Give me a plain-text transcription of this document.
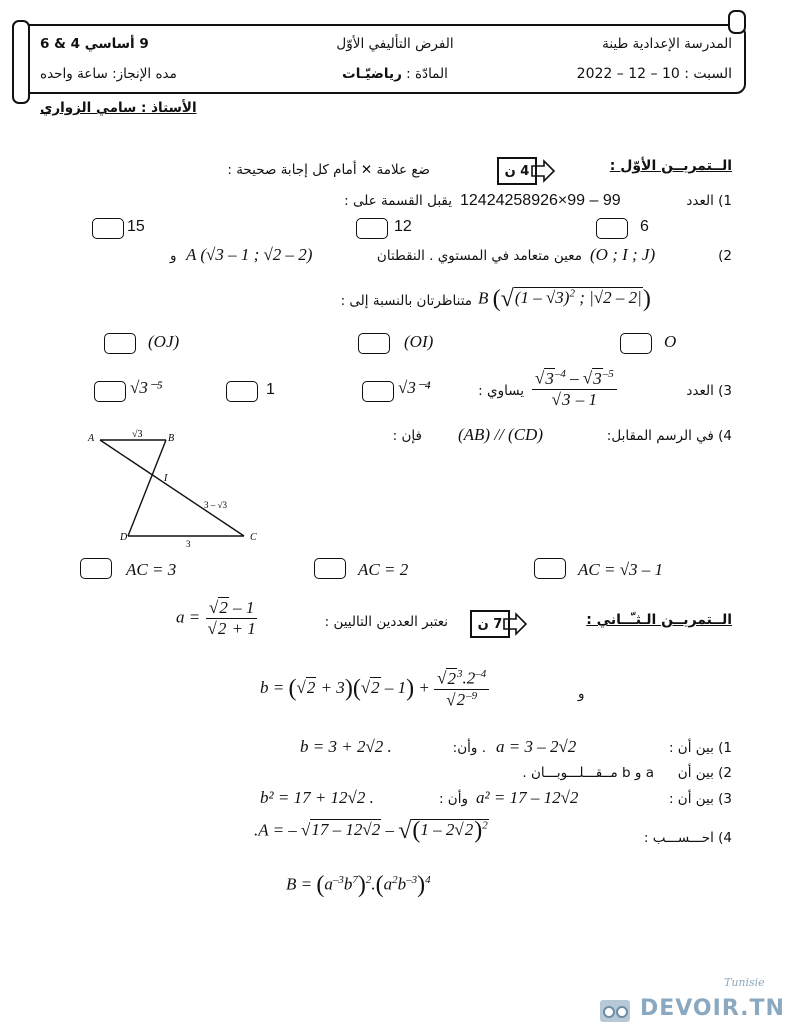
المدرسة الإعدادية طينة
الفرض التأليفي الأوّل
9 أساسي 4 & 6
السبت : 10 – 12 – 2022
المادّة : رياضيّـات
مده الإنجاز: ساعة واحده
الأستاذ : سامي الزواري
الــتمريــن الأوّل :
4 ن
ضع علامة ✕ أمام كل إجابة صحيحة :
1) العدد
12424258926×99 – 99
يقبل القسمة على :
6
12
15
2)
(O ; I ; J)
معين متعامد في المستوي . النقطتان
A (√3 – 1 ; √2 – 2)
و
B (√(1 – √3)$^2$ ; |√2 – 2|)
متناظرتان بالنسبة إلى :
O
(OI)
(OJ)
3) العدد
$\frac{√3^{-4} - √3^{-5}}{√3 - 1}$
يساوي :
√3⁻⁴
1
√3⁻⁵
4) في الرسم المقابل:
(AB) // (CD)
فإن :
A	B
C
D
I
√3
3 – √3
3
AC = √3 – 1
AC = 2
AC = 3
الــتمريــن الـثـّــاني :
7 ن
نعتبر العددين التاليين :
$a = \frac{√2 - 1}{√2 + 1}$
و
$b = (√2 + 3)(√2 - 1) + \frac{√2^3.2^{-4}}{√2^{-9}}$
1) بين أن :
a = 3 – 2√2
. وأن:
b = 3 + 2√2 .
2) بين أن
a و b مــقـــلـــوبـــان .
3) بين أن :
a² = 17 – 12√2
وأن :
b² = 17 + 12√2 .
4) احـــســـب :
.A = – √17 – 12√2 – √(1 – 2√2)$^2$
$B = (a^{-3}b^7)^2.(a^2b^{-3})^4$
DEVOIR.TN
Tunisie
